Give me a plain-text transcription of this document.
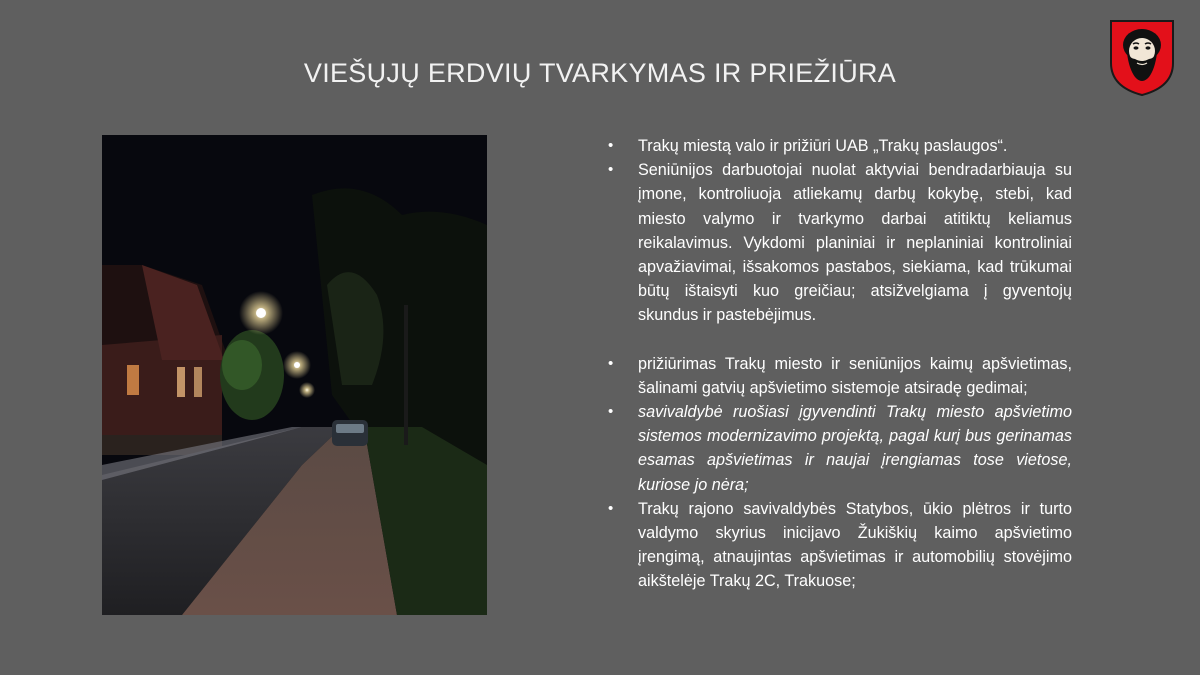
VIEŠŲJŲ ERDVIŲ TVARKYMAS IR PRIEŽIŪRA
• Trakų miestą valo ir prižiūri UAB „Trakų paslaugos“.
• Seniūnijos darbuotojai nuolat aktyviai bendradarbiauja su įmone, kontroliuoja atliekamų darbų kokybę, stebi, kad miesto valymo ir tvarkymo darbai atitiktų keliamus reikalavimus. Vykdomi planiniai ir neplaniniai kontroliniai apvažiavimai, išsakomos pastabos, siekiama, kad trūkumai būtų ištaisyti kuo greičiau; atsižvelgiama į gyventojų skundus ir pastebėjimus.
• prižiūrimas Trakų miesto ir seniūnijos kaimų apšvietimas, šalinami gatvių apšvietimo sistemoje atsiradę gedimai;
• savivaldybė ruošiasi įgyvendinti Trakų miesto apšvietimo sistemos modernizavimo projektą, pagal kurį bus gerinamas esamas apšvietimas ir naujai įrengiamas tose vietose, kuriose jo nėra;
• Trakų rajono savivaldybės Statybos, ūkio plėtros ir turto valdymo skyrius inicijavo Žukiškių kaimo apšvietimo įrengimą, atnaujintas apšvietimas ir automobilių stovėjimo aikštelėje Trakų 2C, Trakuose;
